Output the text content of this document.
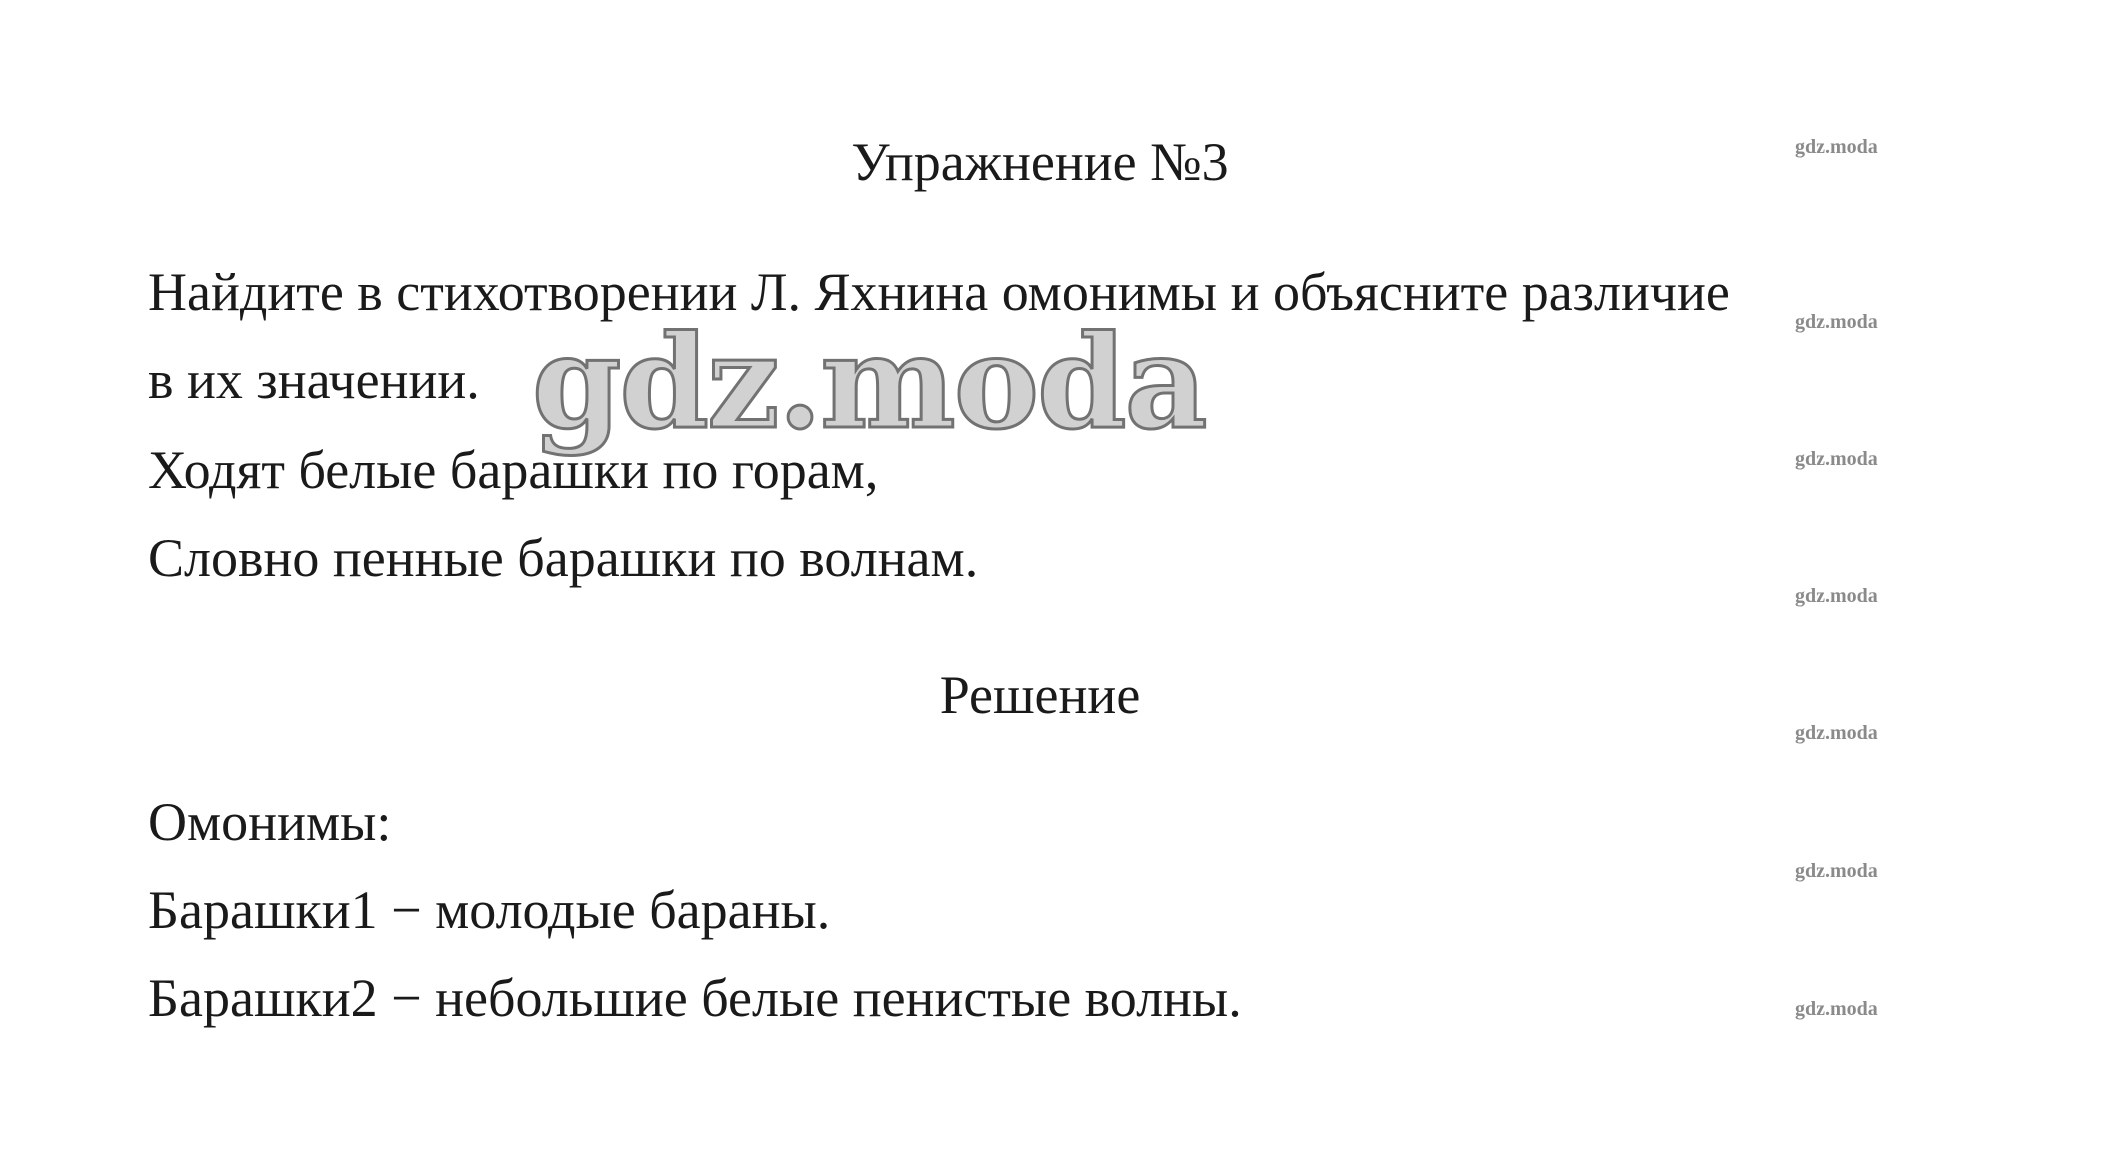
Упражнение №3
Найдите в стихотворении Л. Яхнина омонимы и объясните различие
в их значении.
Ходят белые барашки по горам,
Словно пенные барашки по волнам.
Решение
Омонимы:
Барашки1 − молодые бараны.
Барашки2 − небольшие белые пенистые волны.
gdz.moda
gdz.moda
gdz.moda
gdz.moda
gdz.moda
gdz.moda
gdz.moda
gdz.moda
